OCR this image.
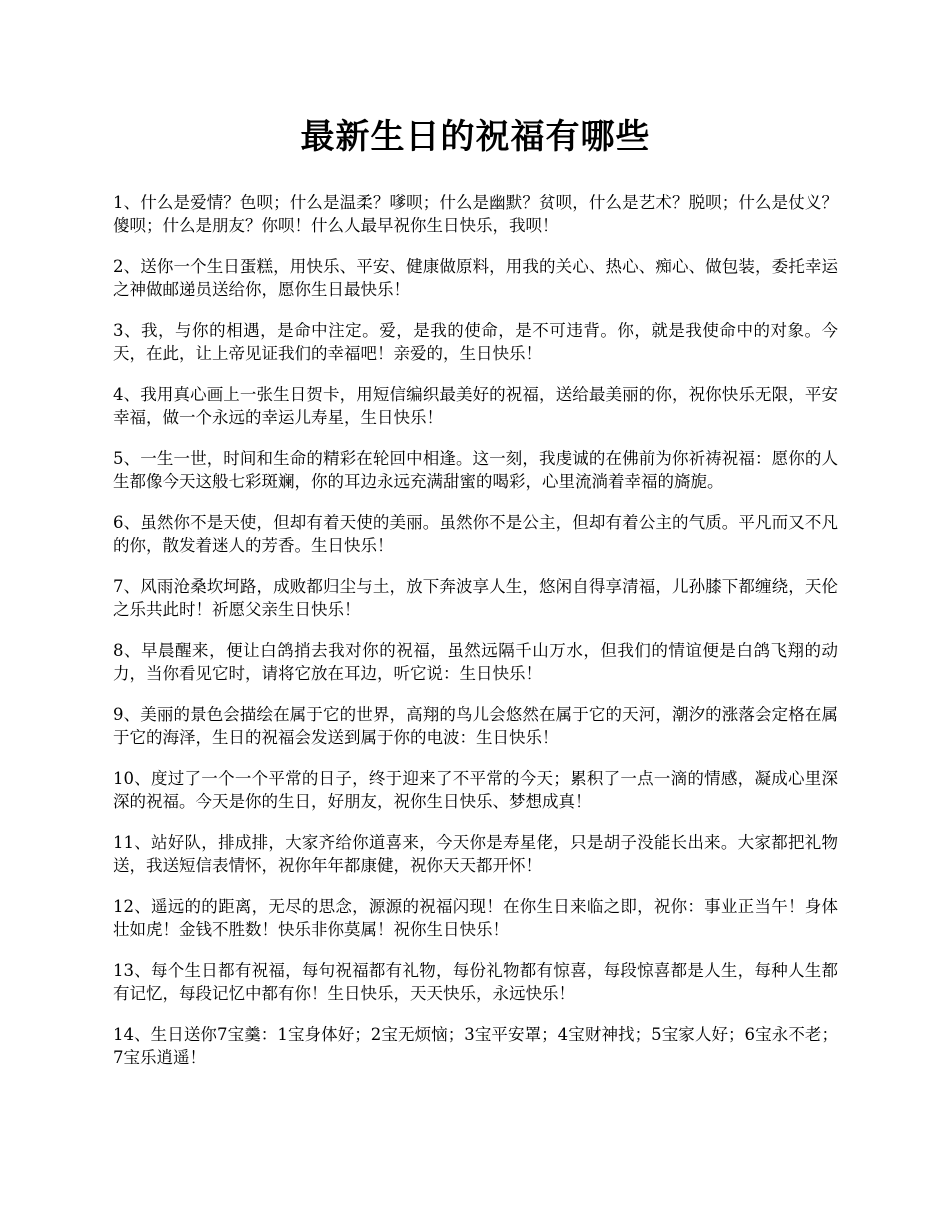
最新生日的祝福有哪些

1、什么是爱情？色呗；什么是温柔？嗲呗；什么是幽默？贫呗，什么是艺术？脱呗；什么是仗义？傻呗；什么是朋友？你呗！什么人最早祝你生日快乐，我呗！

2、送你一个生日蛋糕，用快乐、平安、健康做原料，用我的关心、热心、痴心、做包装，委托幸运之神做邮递员送给你，愿你生日最快乐！

3、我，与你的相遇，是命中注定。爱，是我的使命，是不可违背。你，就是我使命中的对象。今天，在此，让上帝见证我们的幸福吧！亲爱的，生日快乐！

4、我用真心画上一张生日贺卡，用短信编织最美好的祝福，送给最美丽的你，祝你快乐无限，平安幸福，做一个永远的幸运儿寿星，生日快乐！

5、一生一世，时间和生命的精彩在轮回中相逢。这一刻，我虔诚的在佛前为你祈祷祝福：愿你的人生都像今天这般七彩斑斓，你的耳边永远充满甜蜜的喝彩，心里流淌着幸福的旖旎。

6、虽然你不是天使，但却有着天使的美丽。虽然你不是公主，但却有着公主的气质。平凡而又不凡的你，散发着迷人的芳香。生日快乐！

7、风雨沧桑坎坷路，成败都归尘与土，放下奔波享人生，悠闲自得享清福，儿孙膝下都缠绕，天伦之乐共此时！祈愿父亲生日快乐！

8、早晨醒来，便让白鸽捎去我对你的祝福，虽然远隔千山万水，但我们的情谊便是白鸽飞翔的动力，当你看见它时，请将它放在耳边，听它说：生日快乐！

9、美丽的景色会描绘在属于它的世界，高翔的鸟儿会悠然在属于它的天河，潮汐的涨落会定格在属于它的海泽，生日的祝福会发送到属于你的电波：生日快乐！

10、度过了一个一个平常的日子，终于迎来了不平常的今天；累积了一点一滴的情感，凝成心里深深的祝福。今天是你的生日，好朋友，祝你生日快乐、梦想成真！

11、站好队，排成排，大家齐给你道喜来，今天你是寿星佬，只是胡子没能长出来。大家都把礼物送，我送短信表情怀，祝你年年都康健，祝你天天都开怀！

12、遥远的的距离，无尽的思念，源源的祝福闪现！在你生日来临之即，祝你：事业正当午！身体壮如虎！金钱不胜数！快乐非你莫属！祝你生日快乐！

13、每个生日都有祝福，每句祝福都有礼物，每份礼物都有惊喜，每段惊喜都是人生，每种人生都有记忆，每段记忆中都有你！生日快乐，天天快乐，永远快乐！

14、生日送你7宝羹：1宝身体好；2宝无烦恼；3宝平安罩；4宝财神找；5宝家人好；6宝永不老；7宝乐逍遥！
